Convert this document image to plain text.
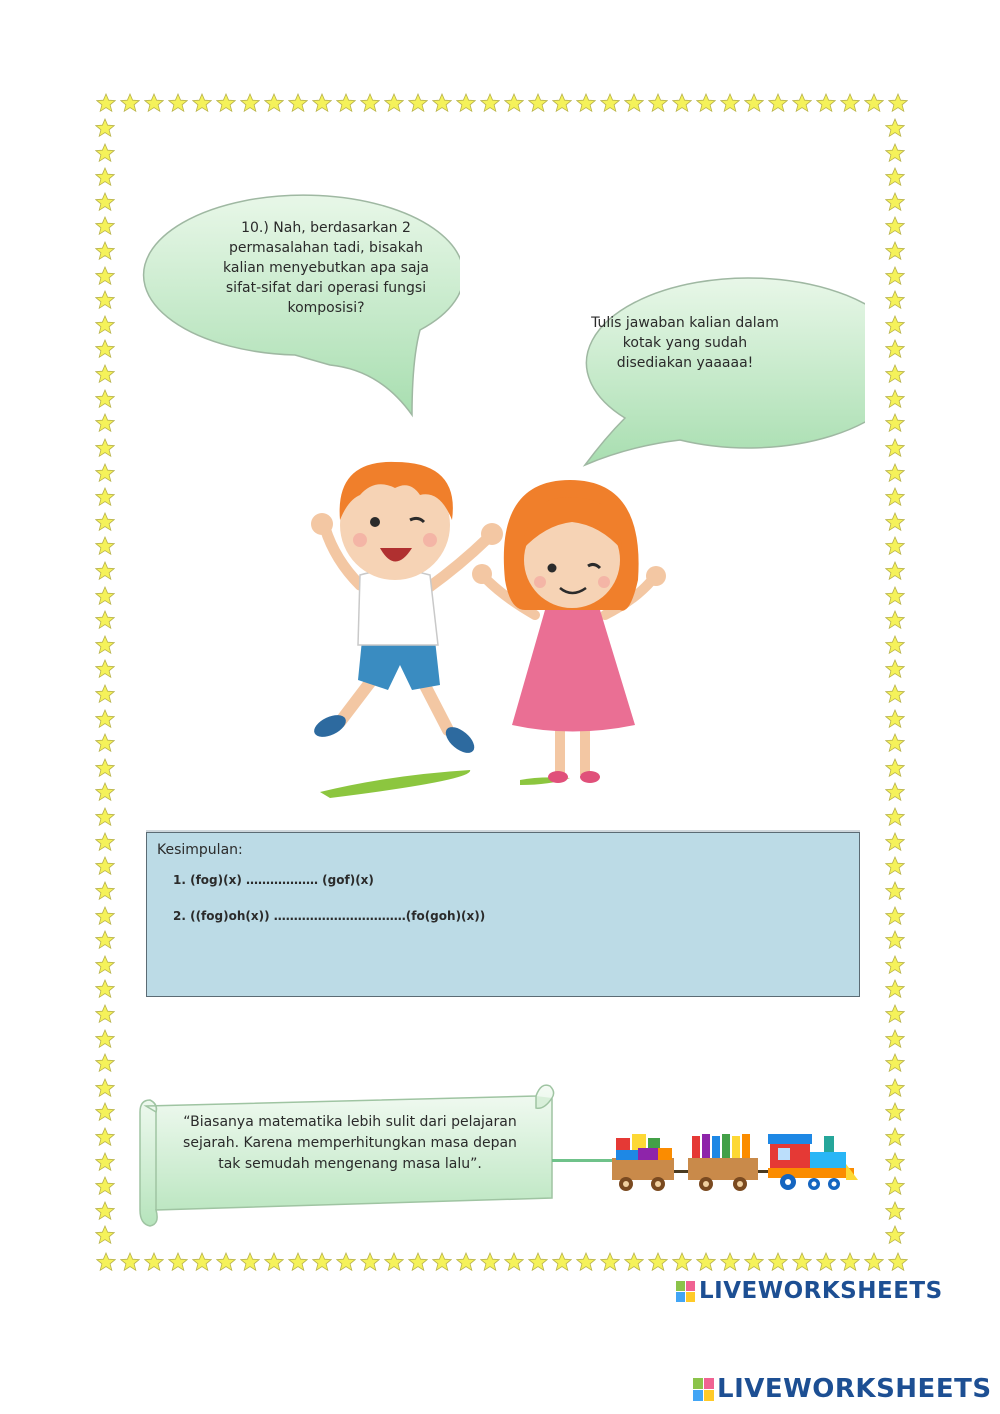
10.) Nah, berdasarkan 2
permasalahan tadi, bisakah
kalian menyebutkan apa saja
sifat-sifat dari operasi fungsi
komposisi?
Tulis jawaban kalian dalam
kotak yang sudah
disediakan yaaaaa!
Kesimpulan:
1. (fog)(x) ……………… (gof)(x)
2. ((fog)oh(x)) ……………………………(fo(goh)(x))
“Biasanya matematika lebih sulit dari pelajaran
sejarah. Karena memperhitungkan masa depan
tak semudah mengenang masa lalu”.
LIVEWORKSHEETS
LIVEWORKSHEETS
